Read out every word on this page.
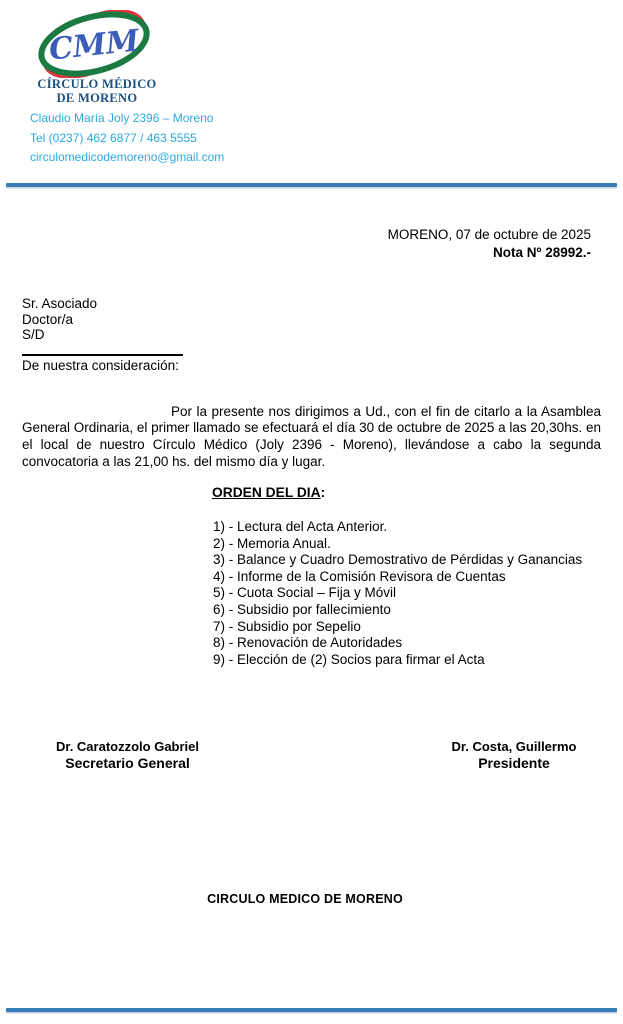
CMM
CÍRCULO MÉDICO
DE MORENO
Claudio María Joly 2396 – Moreno
Tel (0237) 462 6877 / 463 5555
circulomedicodemoreno@gmail.com
MORENO, 07 de octubre de 2025
Nota Nº 28992.-
Sr. Asociado
Doctor/a
S/D
De nuestra consideración:

Por la presente nos dirigimos a Ud., con el fin de citarlo a la Asamblea General Ordinaria, el primer llamado se efectuará el día 30 de octubre de 2025 a las 20,30hs. en el local de nuestro Círculo Médico (Joly 2396 - Moreno), llevándose a cabo la segunda convocatoria a las 21,00 hs. del mismo día y lugar.

ORDEN DEL DIA:
1) - Lectura del Acta Anterior.
2) - Memoria Anual.
3) - Balance y Cuadro Demostrativo de Pérdidas y Ganancias
4) - Informe de la Comisión Revisora de Cuentas
5) - Cuota Social – Fija y Móvil
6) - Subsidio por fallecimiento
7) - Subsidio por Sepelio
8) - Renovación de Autoridades
9) - Elección de (2) Socios para firmar el Acta
Dr. Caratozzolo Gabriel
Secretario General
Dr. Costa, Guillermo
Presidente
CIRCULO MEDICO DE MORENO
